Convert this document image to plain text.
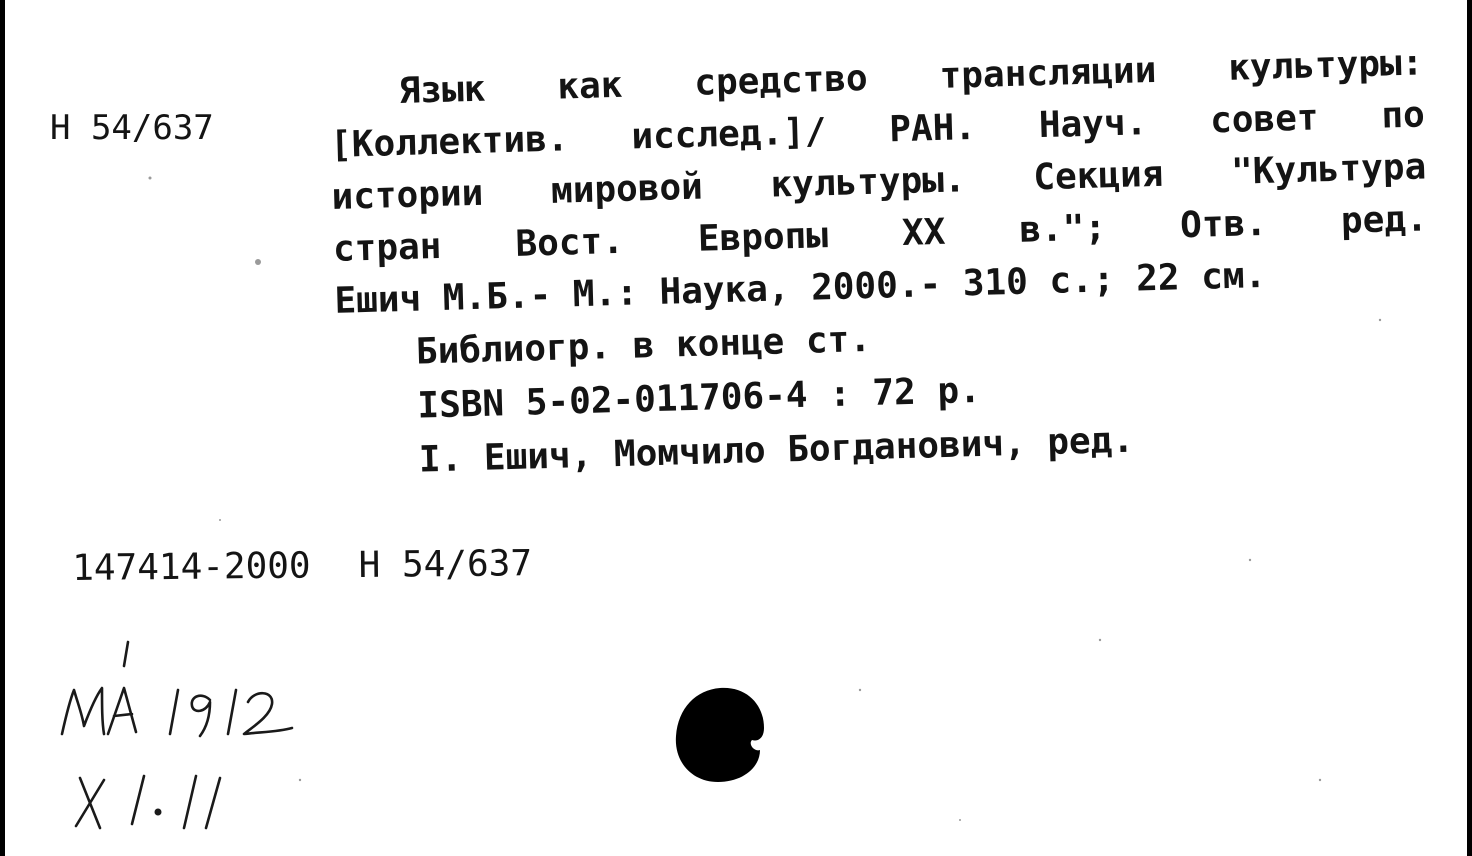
Н 54/637
Язык как средство трансляции культуры:
[Коллектив. исслед.]/ РАН. Науч. совет по
истории мировой культуры. Секция "Культура
стран Вост. Европы XX в."; Отв. ред.
Ешич М.Б.- М.: Наука, 2000.- 310 с.; 22 см.
Библиогр. в конце ст.
ISBN 5-02-011706-4 : 72 р.
I. Ешич, Момчило Богданович, ред.
147414-2000 Н 54/637
